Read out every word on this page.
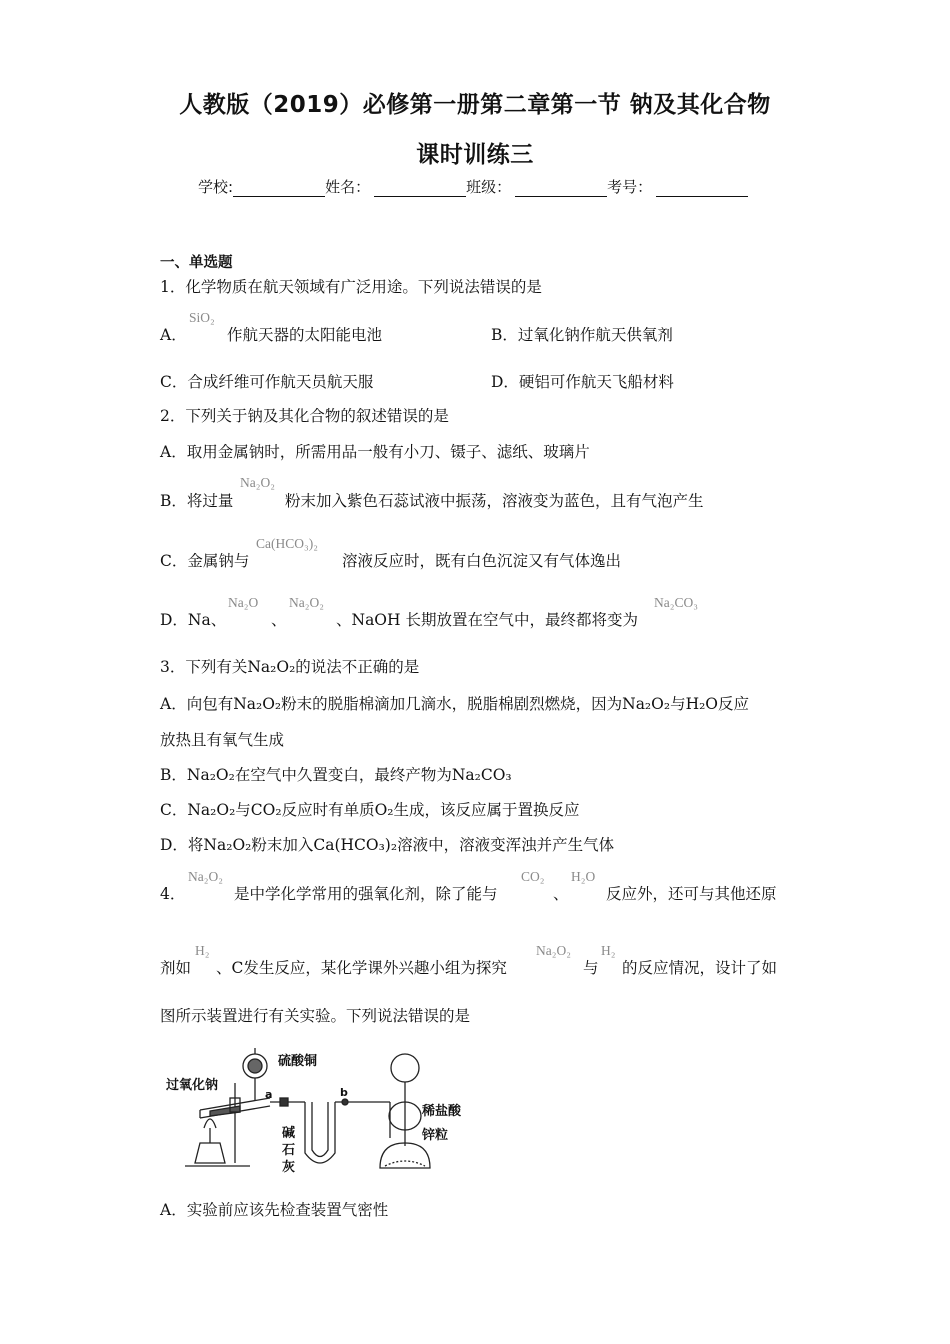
人教版（2019）必修第一册第二章第一节 钠及其化合物
课时训练三
学校:	姓名：	班级：	考号：
一、单选题
1．化学物质在航天领域有广泛用途。下列说法错误的是
A．
SiO₂
作航天器的太阳能电池	B．过氧化钠作航天供氧剂
C．合成纤维可作航天员航天服	D．硬铝可作航天飞船材料
2．下列关于钠及其化合物的叙述错误的是
A．取用金属钠时，所需用品一般有小刀、镊子、滤纸、玻璃片
B．将过量
Na₂O₂
粉末加入紫色石蕊试液中振荡，溶液变为蓝色，且有气泡产生
C．金属钠与
Ca(HCO₃)₂
溶液反应时，既有白色沉淀又有气体逸出
D．Na、
Na₂O
、
Na₂O₂
、NaOH 长期放置在空气中，最终都将变为
Na₂CO₃
3．下列有关Na₂O₂的说法不正确的是
A．向包有Na₂O₂粉末的脱脂棉滴加几滴水，脱脂棉剧烈燃烧，因为Na₂O₂与H₂O反应
放热且有氧气生成
B．Na₂O₂在空气中久置变白，最终产物为Na₂CO₃
C．Na₂O₂与CO₂反应时有单质O₂生成，该反应属于置换反应
D．将Na₂O₂粉末加入Ca(HCO₃)₂溶液中，溶液变浑浊并产生气体
4．
Na₂O₂
是中学化学常用的强氧化剂，除了能与
CO₂
、
H₂O
反应外，还可与其他还原
剂如
H₂
、C发生反应，某化学课外兴趣小组为探究
Na₂O₂
与
H₂
的反应情况，设计了如
图所示装置进行有关实验。下列说法错误的是
过氧化钠
硫酸铜
a	b
碱
石
灰
稀盐酸
锌粒
A．实验前应该先检查装置气密性
